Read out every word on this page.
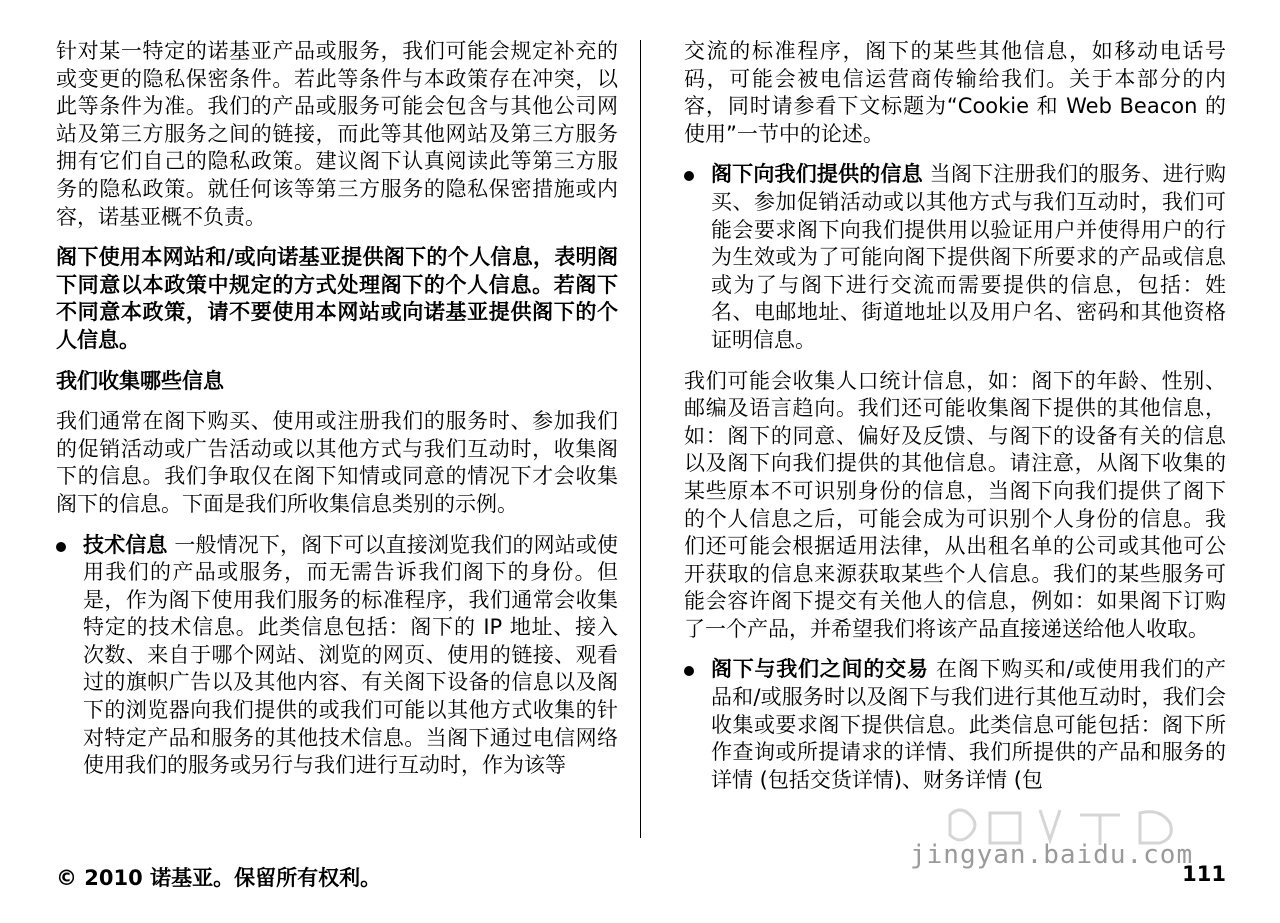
针对某一特定的诺基亚产品或服务，我们可能会规定补充的或变更的隐私保密条件。若此等条件与本政策存在冲突，以此等条件为准。我们的产品或服务可能会包含与其他公司网站及第三方服务之间的链接，而此等其他网站及第三方服务拥有它们自己的隐私政策。建议阁下认真阅读此等第三方服务的隐私政策。就任何该等第三方服务的隐私保密措施或内容，诺基亚概不负责。

阁下使用本网站和/或向诺基亚提供阁下的个人信息，表明阁下同意以本政策中规定的方式处理阁下的个人信息。若阁下不同意本政策，请不要使用本网站或向诺基亚提供阁下的个人信息。

我们收集哪些信息

我们通常在阁下购买、使用或注册我们的服务时、参加我们的促销活动或广告活动或以其他方式与我们互动时，收集阁下的信息。我们争取仅在阁下知情或同意的情况下才会收集阁下的信息。下面是我们所收集信息类别的示例。

技术信息 一般情况下，阁下可以直接浏览我们的网站或使用我们的产品或服务，而无需告诉我们阁下的身份。但是，作为阁下使用我们服务的标准程序，我们通常会收集特定的技术信息。此类信息包括：阁下的 IP 地址、接入次数、来自于哪个网站、浏览的网页、使用的链接、观看过的旗帜广告以及其他内容、有关阁下设备的信息以及阁下的浏览器向我们提供的或我们可能以其他方式收集的针对特定产品和服务的其他技术信息。当阁下通过电信网络使用我们的服务或另行与我们进行互动时，作为该等

交流的标准程序，阁下的某些其他信息，如移动电话号码，可能会被电信运营商传输给我们。关于本部分的内容，同时请参看下文标题为“Cookie 和 Web Beacon 的使用”一节中的论述。

阁下向我们提供的信息 当阁下注册我们的服务、进行购买、参加促销活动或以其他方式与我们互动时，我们可能会要求阁下向我们提供用以验证用户并使得用户的行为生效或为了可能向阁下提供阁下所要求的产品或信息或为了与阁下进行交流而需要提供的信息，包括：姓名、电邮地址、街道地址以及用户名、密码和其他资格证明信息。

我们可能会收集人口统计信息，如：阁下的年龄、性别、邮编及语言趋向。我们还可能收集阁下提供的其他信息，如：阁下的同意、偏好及反馈、与阁下的设备有关的信息以及阁下向我们提供的其他信息。请注意，从阁下收集的某些原本不可识别身份的信息，当阁下向我们提供了阁下的个人信息之后，可能会成为可识别个人身份的信息。我们还可能会根据适用法律，从出租名单的公司或其他可公开获取的信息来源获取某些个人信息。我们的某些服务可能会容许阁下提交有关他人的信息，例如：如果阁下订购了一个产品，并希望我们将该产品直接递送给他人收取。

阁下与我们之间的交易 在阁下购买和/或使用我们的产品和/或服务时以及阁下与我们进行其他互动时，我们会收集或要求阁下提供信息。此类信息可能包括：阁下所作查询或所提请求的详情、我们所提供的产品和服务的详情 (包括交货详情)、财务详情 (包
jingyan.baidu.com
© 2010 诺基亚。保留所有权利。	111
